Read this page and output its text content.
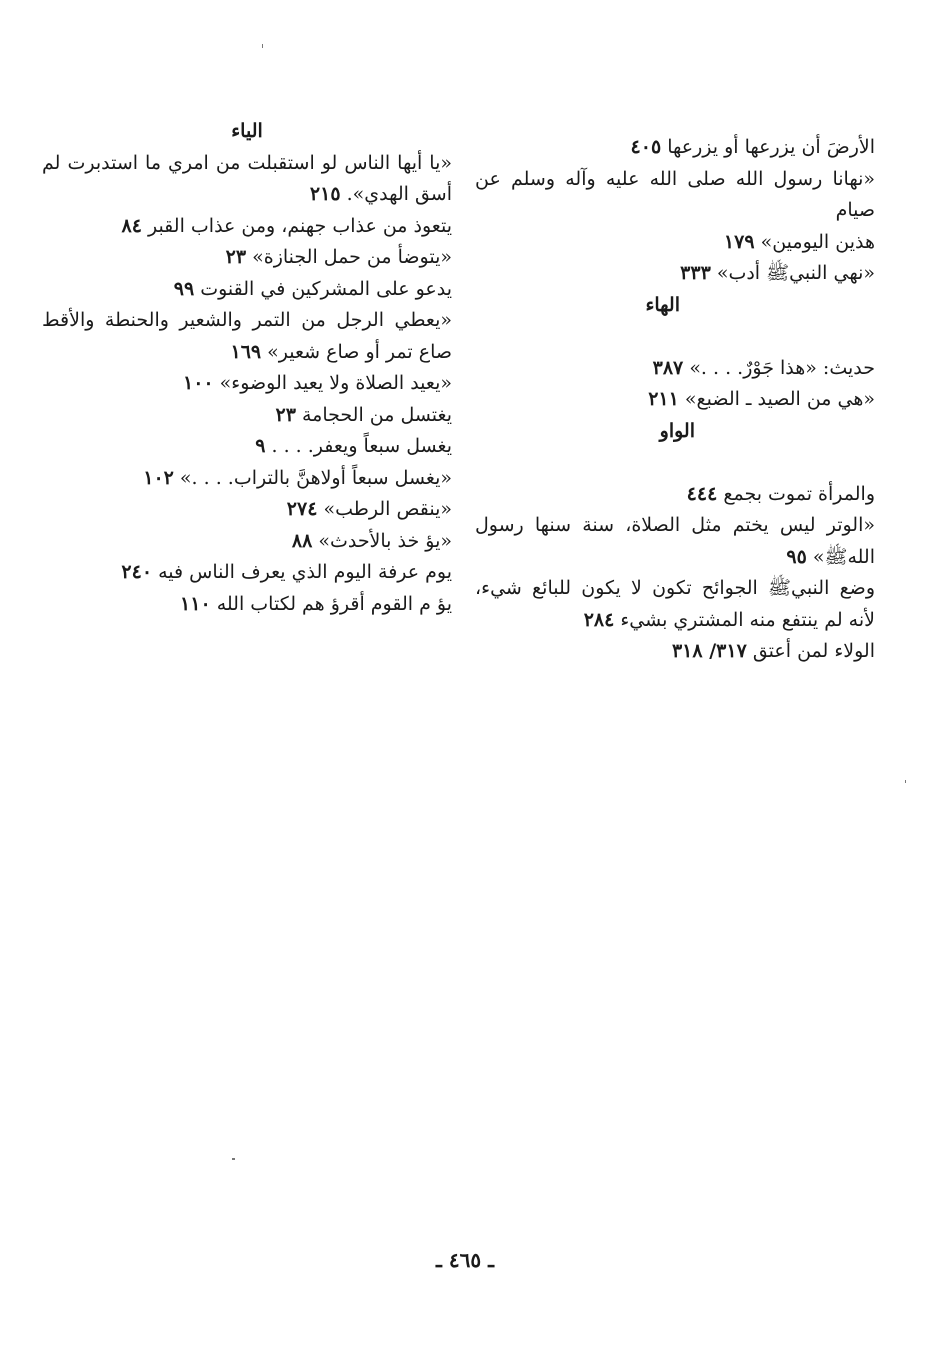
الأرضَ أن يزرعها أو يزرعها ٤٠٥
«نهانا رسول الله صلى الله عليه وآله وسلم عن صيام
هذين اليومين» ١٧٩
«نهي النبيﷺ أدب» ٣٣٣
الهاء
حديث: «هذا جَوْرٌ. . . .» ٣٨٧
«هي من الصيد ـ الضبع» ٢١١
الواو
والمرأة تموت بجمع ٤٤٤
«الوتر ليس يختم مثل الصلاة، سنة سنها رسول
اللهﷺ» ٩٥
وضع النبيﷺ الجوائح تكون لا يكون للبائع شيء،
لأنه لم ينتفع منه المشتري بشيء ٢٨٤
الولاء لمن أعتق ٣١٧/ ٣١٨
الياء
«يا أيها الناس لو استقبلت من امري ما استدبرت لم
أسق الهدي». ٢١٥
يتعوذ من عذاب جهنم، ومن عذاب القبر ٨٤
«يتوضأ من حمل الجنازة» ٢٣
يدعو على المشركين في القنوت ٩٩
«يعطي الرجل من التمر والشعير والحنطة والأقط
صاع تمر أو صاع شعير» ١٦٩
«يعيد الصلاة ولا يعيد الوضوء» ١٠٠
يغتسل من الحجامة ٢٣
يغسل سبعاً ويعفر. . . . ٩
«يغسل سبعاً أولاهنَّ بالتراب. . . .» ١٠٢
«ينقص الرطب» ٢٧٤
«يؤ خذ بالأحدث» ٨٨
يوم عرفة اليوم الذي يعرف الناس فيه ٢٤٠
يؤ م القوم أقرؤ هم لكتاب الله ١١٠
ـ ٤٦٥ ـ
